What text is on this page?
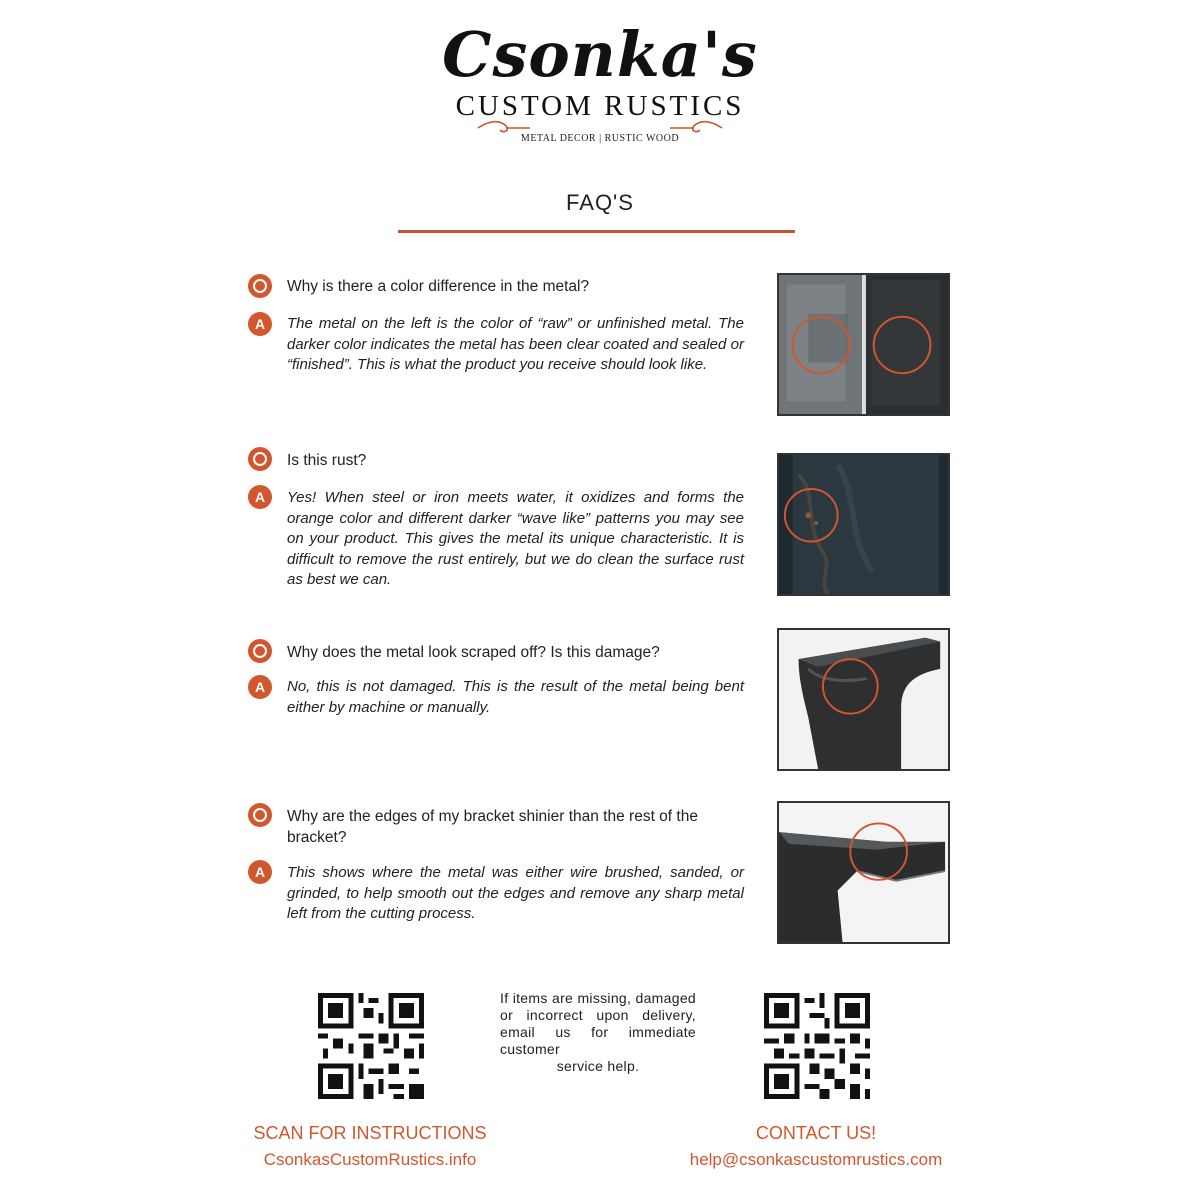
Csonka's
CUSTOM RUSTICS
METAL DECOR | RUSTIC WOOD
FAQ'S
Why is there a color difference in the metal?
A	The metal on the left is the color of “raw” or unfinished metal. The darker color indicates the metal has been clear coated and sealed or “finished”. This is what the product you receive should look like.
Is this rust?
A	Yes! When steel or iron meets water, it oxidizes and forms the orange color and different darker “wave like” patterns you may see on your product. This gives the metal its unique characteristic. It is difficult to remove the rust entirely, but we do clean the surface rust as best we can.
Why does the metal look scraped off? Is this damage?
A	No, this is not damaged. This is the result of the metal being bent either by machine or manually.
Why are the edges of my bracket shinier than the rest of the bracket?
A	This shows where the metal was either wire brushed, sanded, or grinded, to help smooth out the edges and remove any sharp metal left from the cutting process.
If items are missing, damaged or incorrect upon delivery, email us for immediate customer
service help.
SCAN FOR INSTRUCTIONS
CsonkasCustomRustics.info
CONTACT US!
help@csonkascustomrustics.com
